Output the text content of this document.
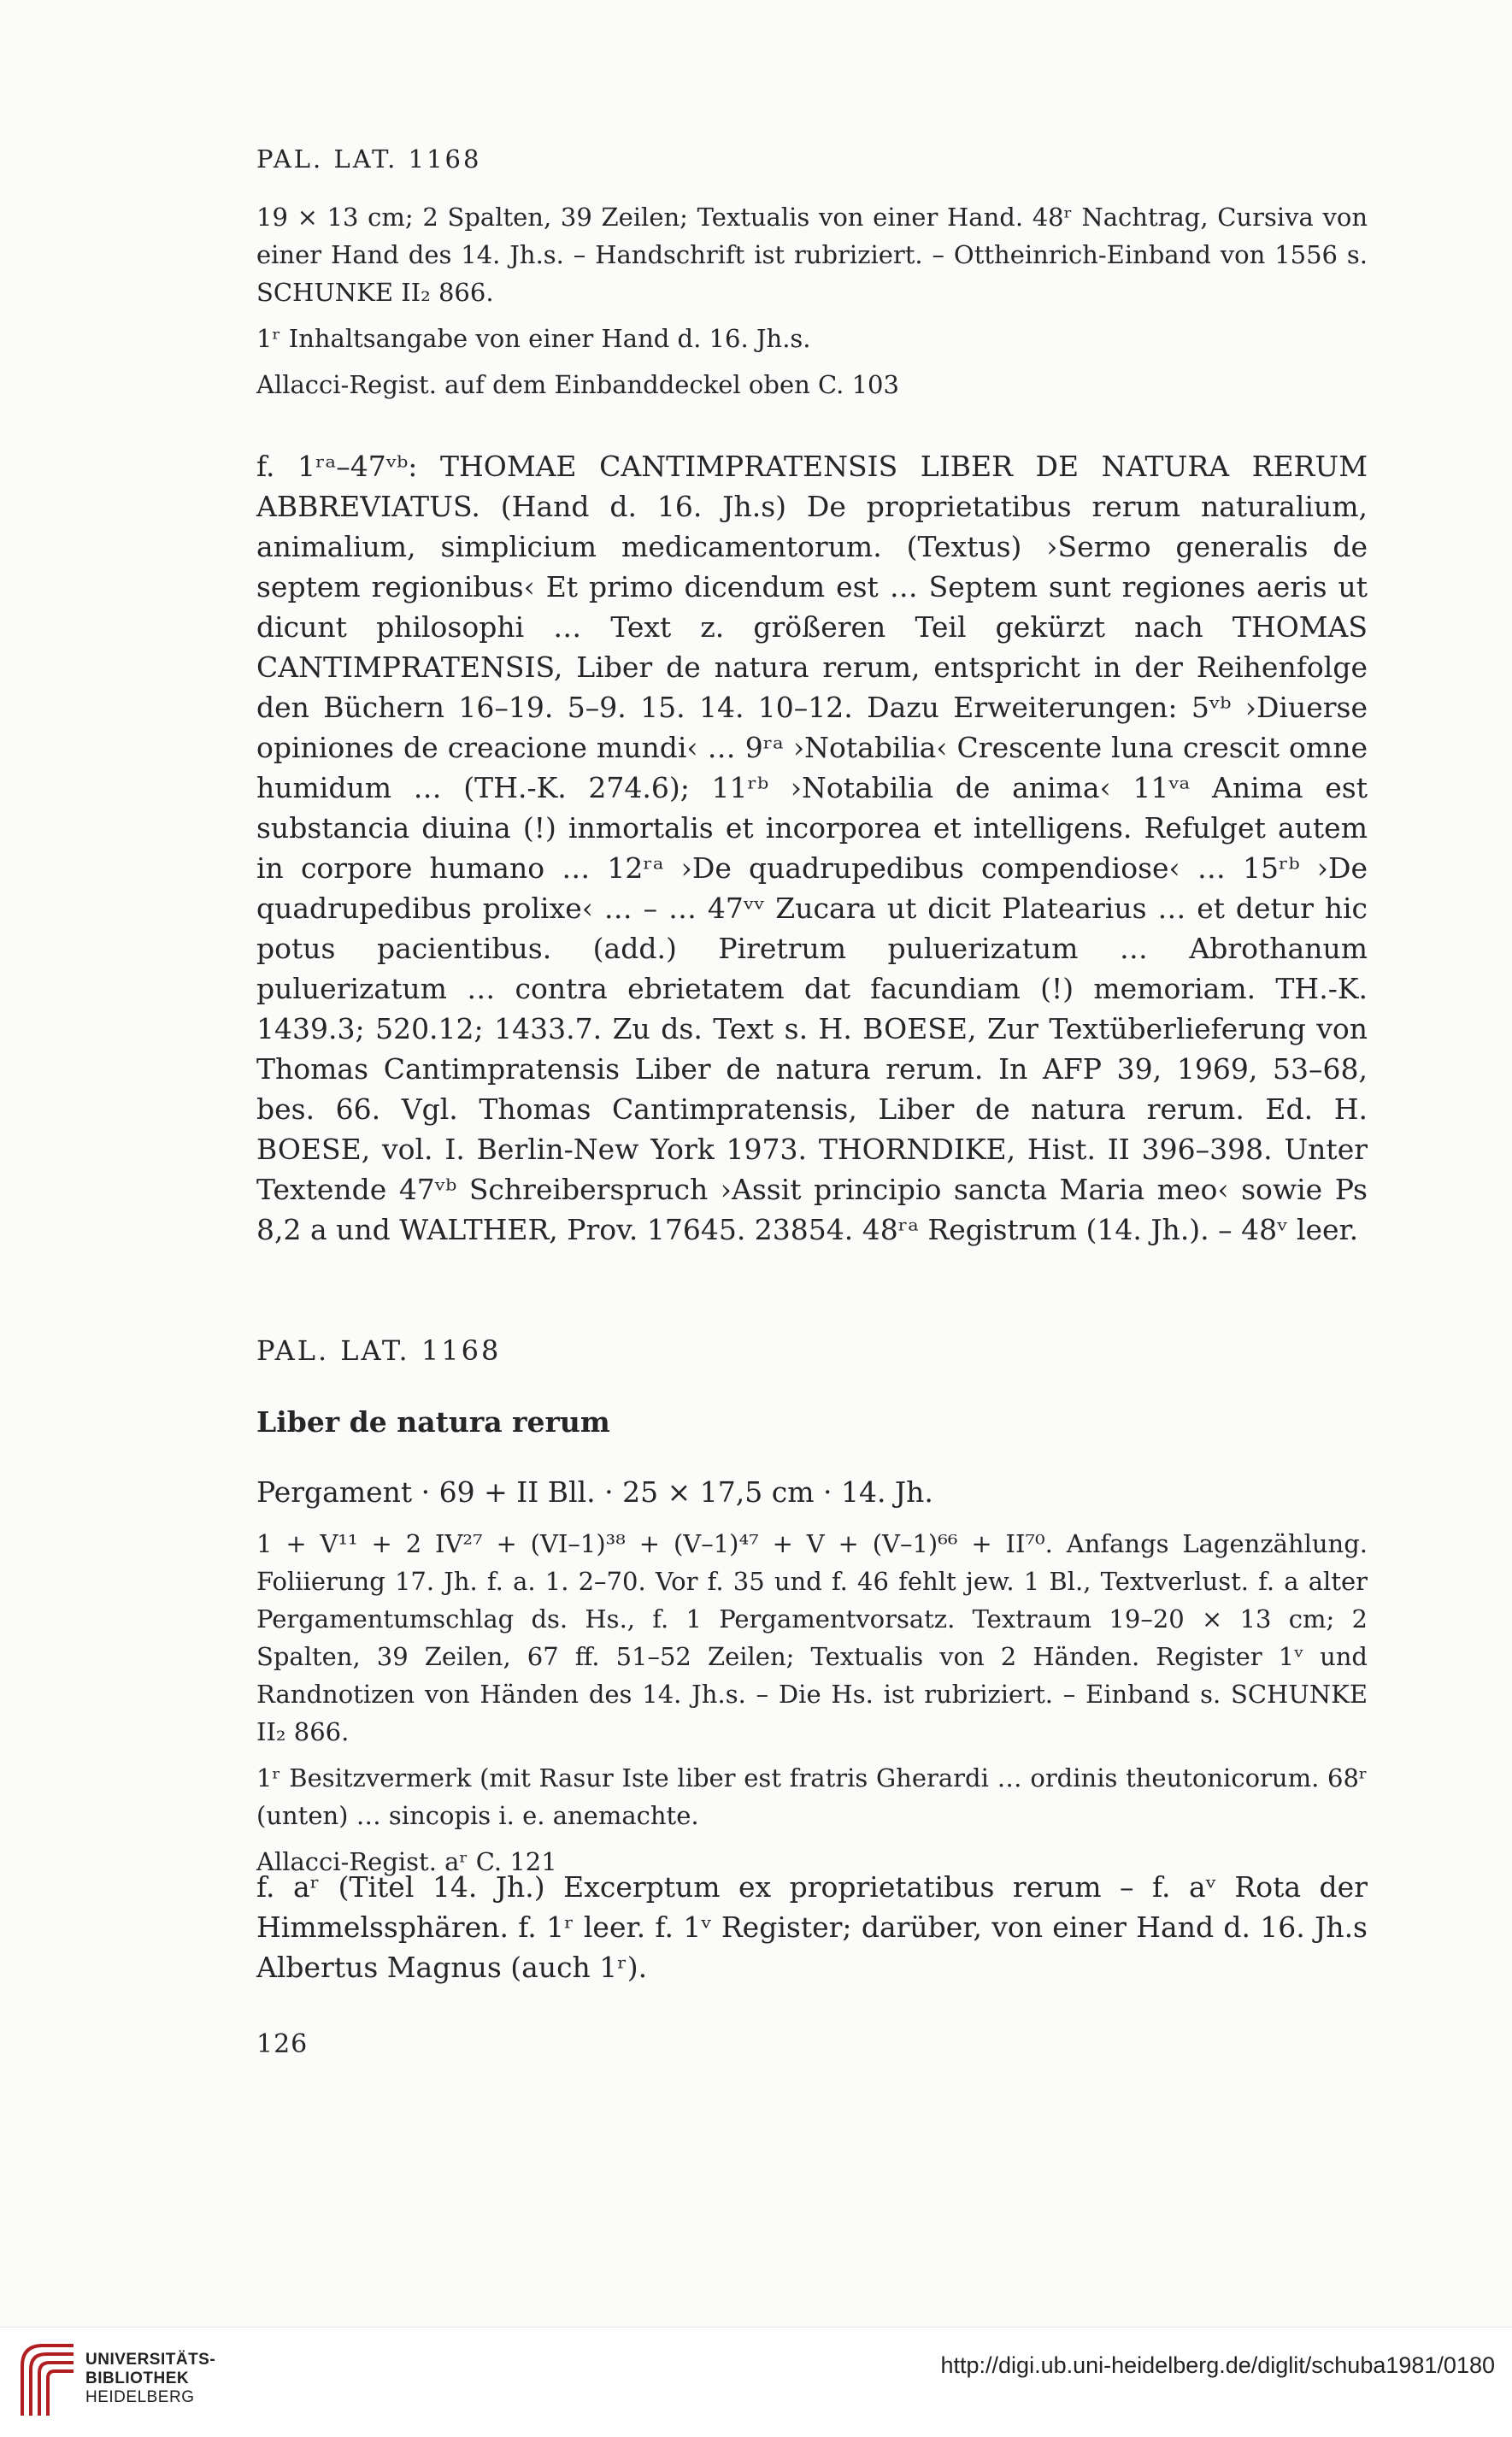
PAL. LAT. 1168

19 × 13 cm; 2 Spalten, 39 Zeilen; Textualis von einer Hand. 48ʳ Nachtrag, Cursiva von einer Hand des 14. Jh.s. – Handschrift ist rubriziert. – Ottheinrich-Einband von 1556 s. SCHUNKE II₂ 866.

1ʳ Inhaltsangabe von einer Hand d. 16. Jh.s.

Allacci-Regist. auf dem Einbanddeckel oben C. 103

f. 1ʳᵃ–47ᵛᵇ: THOMAE CANTIMPRATENSIS LIBER DE NATURA RERUM ABBREVIATUS. (Hand d. 16. Jh.s) De proprietatibus rerum naturalium, animalium, simplicium medicamentorum. (Textus) ›Sermo generalis de septem regionibus‹ Et primo dicendum est … Septem sunt regiones aeris ut dicunt philosophi … Text z. größeren Teil gekürzt nach THOMAS CANTIMPRATENSIS, Liber de natura rerum, entspricht in der Reihenfolge den Büchern 16–19. 5–9. 15. 14. 10–12. Dazu Erweiterungen: 5ᵛᵇ ›Diuerse opiniones de creacione mundi‹ … 9ʳᵃ ›Notabilia‹ Crescente luna crescit omne humidum … (TH.-K. 274.6); 11ʳᵇ ›Notabilia de anima‹ 11ᵛᵃ Anima est substancia diuina (!) inmortalis et incorporea et intelligens. Refulget autem in corpore humano … 12ʳᵃ ›De quadrupedibus compendiose‹ … 15ʳᵇ ›De quadrupedibus prolixe‹ … – … 47ᵛᵛ Zucara ut dicit Platearius … et detur hic potus pacientibus. (add.) Piretrum puluerizatum … Abrothanum puluerizatum … contra ebrietatem dat facundiam (!) memoriam. TH.-K. 1439.3; 520.12; 1433.7. Zu ds. Text s. H. BOESE, Zur Textüberlieferung von Thomas Cantimpratensis Liber de natura rerum. In AFP 39, 1969, 53–68, bes. 66. Vgl. Thomas Cantimpratensis, Liber de natura rerum. Ed. H. BOESE, vol. I. Berlin-New York 1973. THORNDIKE, Hist. II 396–398. Unter Textende 47ᵛᵇ Schreiberspruch ›Assit principio sancta Maria meo‹ sowie Ps 8,2 a und WALTHER, Prov. 17645. 23854. 48ʳᵃ Registrum (14. Jh.). – 48ᵛ leer.

PAL. LAT. 1168
Liber de natura rerum
Pergament · 69 + II Bll. · 25 × 17,5 cm · 14. Jh.

1 + V¹¹ + 2 IV²⁷ + (VI–1)³⁸ + (V–1)⁴⁷ + V + (V–1)⁶⁶ + II⁷⁰. Anfangs Lagenzählung. Foliierung 17. Jh. f. a. 1. 2–70. Vor f. 35 und f. 46 fehlt jew. 1 Bl., Textverlust. f. a alter Pergamentumschlag ds. Hs., f. 1 Pergamentvorsatz. Textraum 19–20 × 13 cm; 2 Spalten, 39 Zeilen, 67 ff. 51–52 Zeilen; Textualis von 2 Händen. Register 1ᵛ und Randnotizen von Händen des 14. Jh.s. – Die Hs. ist rubriziert. – Einband s. SCHUNKE II₂ 866.

1ʳ Besitzvermerk (mit Rasur Iste liber est fratris Gherardi … ordinis theutonicorum. 68ʳ (unten) … sincopis i. e. anemachte.

Allacci-Regist. aʳ C. 121

f. aʳ (Titel 14. Jh.) Excerptum ex proprietatibus rerum – f. aᵛ Rota der Himmelssphären. f. 1ʳ leer. f. 1ᵛ Register; darüber, von einer Hand d. 16. Jh.s Albertus Magnus (auch 1ʳ).

126
UNIVERSITÄTS-
BIBLIOTHEK
HEIDELBERG
http://digi.ub.uni-heidelberg.de/diglit/schuba1981/0180
